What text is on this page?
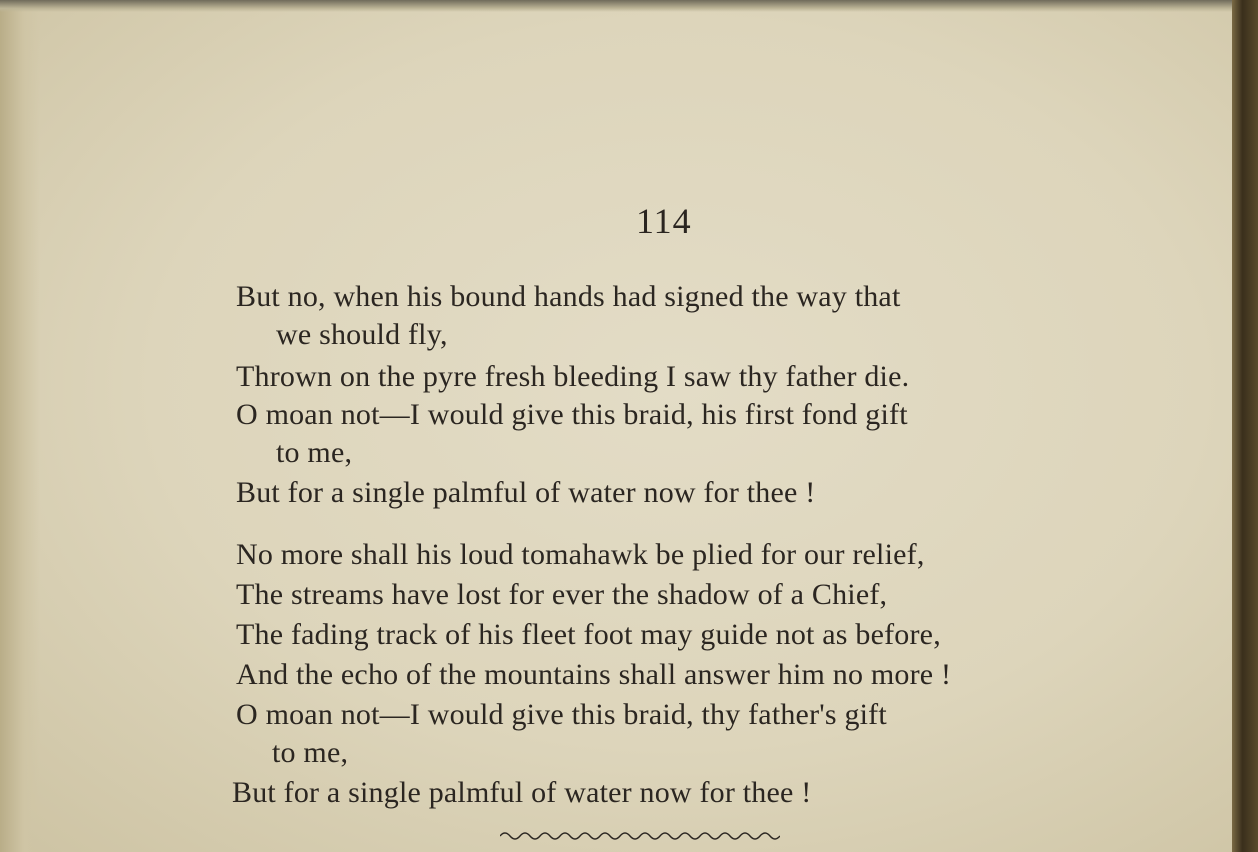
114
But no, when his bound hands had signed the way that
we should fly,
Thrown on the pyre fresh bleeding I saw thy father die.
O moan not—I would give this braid, his first fond gift
to me,
But for a single palmful of water now for thee !
No more shall his loud tomahawk be plied for our relief,
The streams have lost for ever the shadow of a Chief,
The fading track of his fleet foot may guide not as before,
And the echo of the mountains shall answer him no more !
O moan not—I would give this braid, thy father's gift
to me,
But for a single palmful of water now for thee !
